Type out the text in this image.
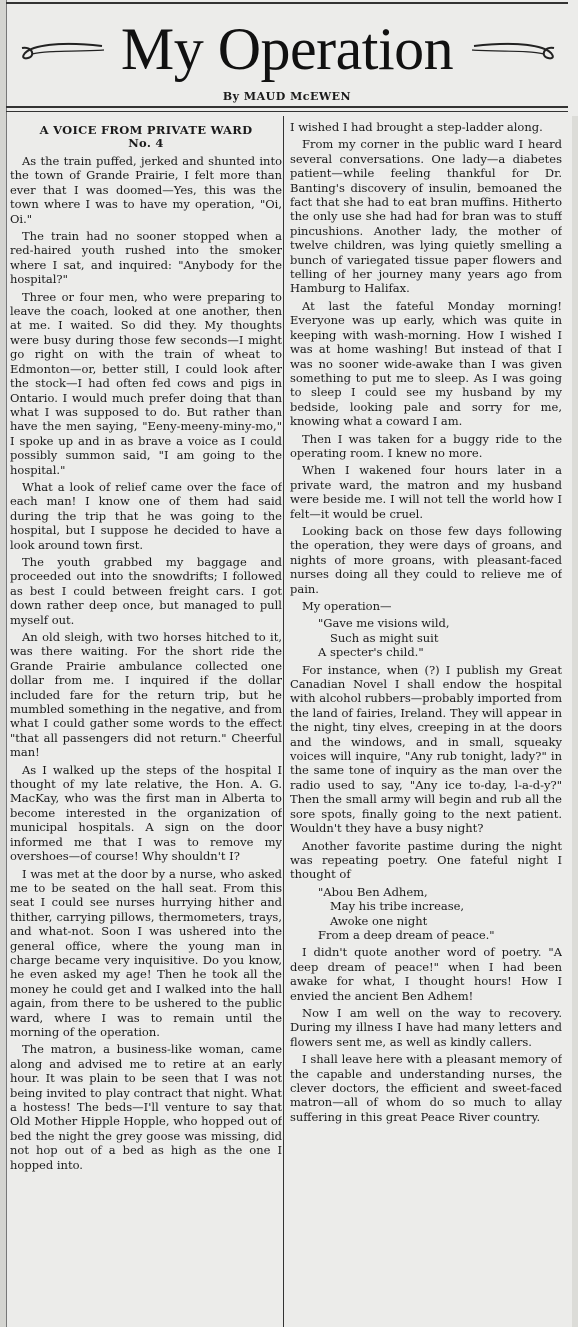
My Operation
By MAUD McEWEN
A VOICE FROM PRIVATE WARD
No. 4

As the train puffed, jerked and shunted into the town of Grande Prairie, I felt more than ever that I was doomed—Yes, this was the town where I was to have my operation, "Oi, Oi."

The train had no sooner stopped when a red-haired youth rushed into the smoker where I sat, and inquired: "Anybody for the hospital?"

Three or four men, who were preparing to leave the coach, looked at one another, then at me. I waited. So did they. My thoughts were busy during those few seconds—I might go right on with the train of wheat to Edmonton—or, better still, I could look after the stock—I had often fed cows and pigs in Ontario. I would much prefer doing that than what I was supposed to do. But rather than have the men saying, "Eeny-meeny-miny-mo," I spoke up and in as brave a voice as I could possibly summon said, "I am going to the hospital."

What a look of relief came over the face of each man! I know one of them had said during the trip that he was going to the hospital, but I suppose he decided to have a look around town first.

The youth grabbed my baggage and proceeded out into the snowdrifts; I followed as best I could between freight cars. I got down rather deep once, but managed to pull myself out.

An old sleigh, with two horses hitched to it, was there waiting. For the short ride the Grande Prairie ambulance collected one dollar from me. I inquired if the dollar included fare for the return trip, but he mumbled something in the negative, and from what I could gather some words to the effect "that all passengers did not return." Cheerful man!

As I walked up the steps of the hospital I thought of my late relative, the Hon. A. G. MacKay, who was the first man in Alberta to become interested in the organization of municipal hospitals. A sign on the door informed me that I was to remove my overshoes—of course! Why shouldn't I?

I was met at the door by a nurse, who asked me to be seated on the hall seat. From this seat I could see nurses hurrying hither and thither, carrying pillows, thermometers, trays, and what-not. Soon I was ushered into the general office, where the young man in charge became very inquisitive. Do you know, he even asked my age! Then he took all the money he could get and I walked into the hall again, from there to be ushered to the public ward, where I was to remain until the morning of the operation.

The matron, a business-like woman, came along and advised me to retire at an early hour. It was plain to be seen that I was not being invited to play contract that night. What a hostess! The beds—I'll venture to say that Old Mother Hipple Hopple, who hopped out of bed the night the grey goose was missing, did not hop out of a bed as high as the one I hopped into.

I wished I had brought a step-ladder along.

From my corner in the public ward I heard several conversations. One lady—a diabetes patient—while feeling thankful for Dr. Banting's discovery of insulin, bemoaned the fact that she had to eat bran muffins. Hitherto the only use she had had for bran was to stuff pincushions. Another lady, the mother of twelve children, was lying quietly smelling a bunch of variegated tissue paper flowers and telling of her journey many years ago from Hamburg to Halifax.

At last the fateful Monday morning! Everyone was up early, which was quite in keeping with wash-morning. How I wished I was at home washing! But instead of that I was no sooner wide-awake than I was given something to put me to sleep. As I was going to sleep I could see my husband by my bedside, looking pale and sorry for me, knowing what a coward I am.

Then I was taken for a buggy ride to the operating room. I knew no more.

When I wakened four hours later in a private ward, the matron and my husband were beside me. I will not tell the world how I felt—it would be cruel.

Looking back on those few days following the operation, they were days of groans, and nights of more groans, with pleasant-faced nurses doing all they could to relieve me of pain.

My operation—

"Gave me visions wild,
Such as might suit
A specter's child."

For instance, when (?) I publish my Great Canadian Novel I shall endow the hospital with alcohol rubbers—probably imported from the land of fairies, Ireland. They will appear in the night, tiny elves, creeping in at the doors and the windows, and in small, squeaky voices will inquire, "Any rub tonight, lady?" in the same tone of inquiry as the man over the radio used to say, "Any ice to-day, l-a-d-y?" Then the small army will begin and rub all the sore spots, finally going to the next patient. Wouldn't they have a busy night?

Another favorite pastime during the night was repeating poetry. One fateful night I thought of

"Abou Ben Adhem,
May his tribe increase,
Awoke one night
From a deep dream of peace."

I didn't quote another word of poetry. "A deep dream of peace!" when I had been awake for what, I thought hours! How I envied the ancient Ben Adhem!

Now I am well on the way to recovery. During my illness I have had many letters and flowers sent me, as well as kindly callers.

I shall leave here with a pleasant memory of the capable and understanding nurses, the clever doctors, the efficient and sweet-faced matron—all of whom do so much to allay suffering in this great Peace River country.
